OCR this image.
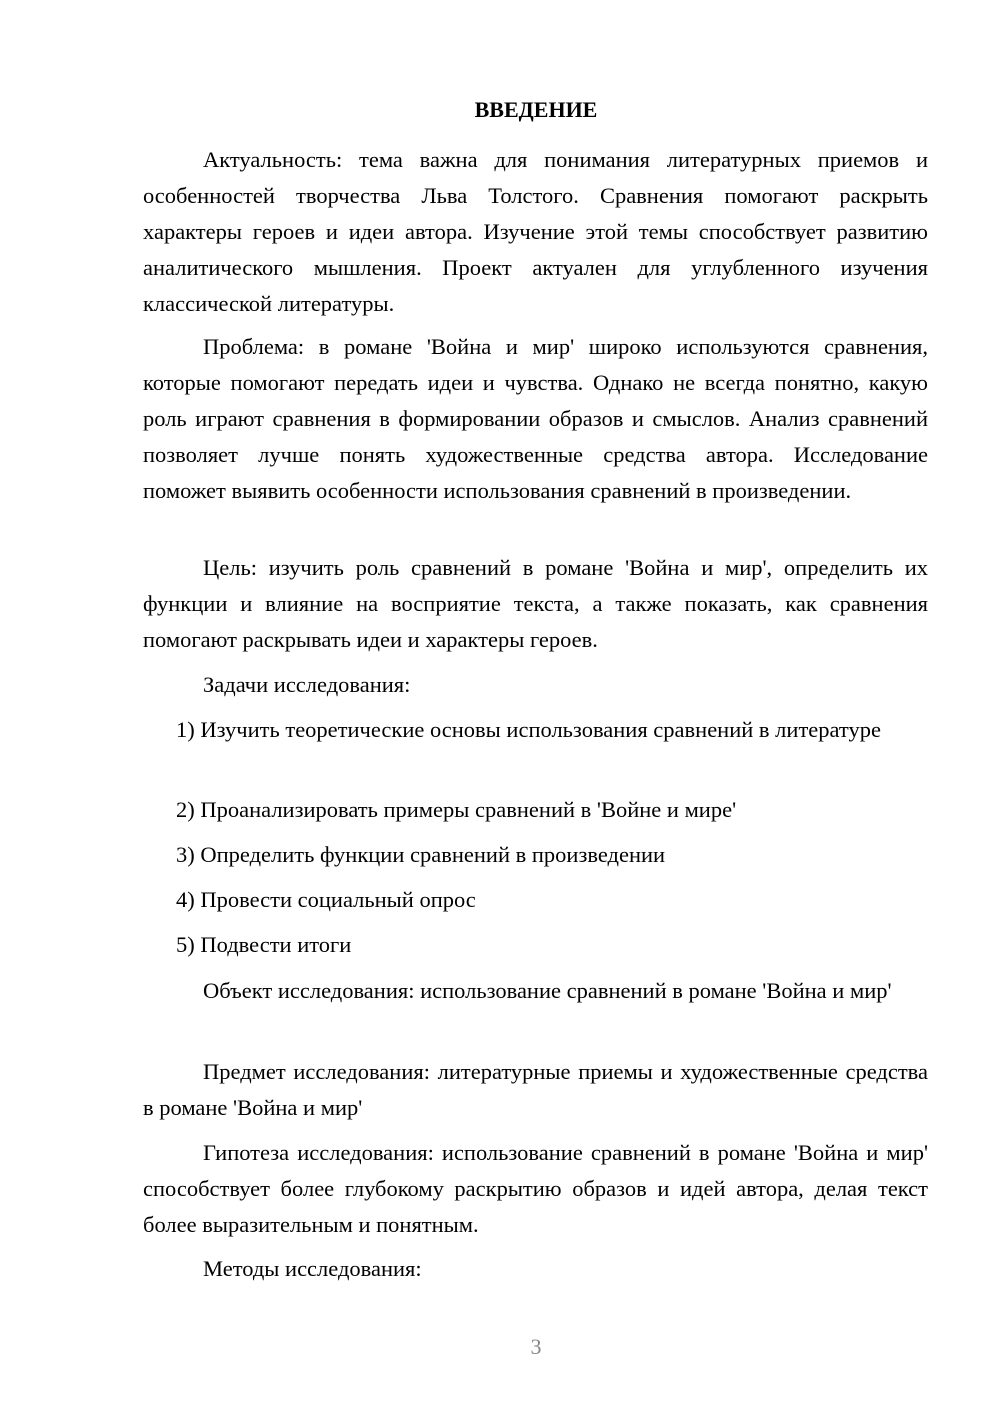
ВВЕДЕНИЕ

Актуальность: тема важна для понимания литературных приемов и особенностей творчества Льва Толстого. Сравнения помогают раскрыть характеры героев и идеи автора. Изучение этой темы способствует развитию аналитического мышления. Проект актуален для углубленного изучения классической литературы.

Проблема: в романе 'Война и мир' широко используются сравнения, которые помогают передать идеи и чувства. Однако не всегда понятно, какую роль играют сравнения в формировании образов и смыслов. Анализ сравнений позволяет лучше понять художественные средства автора. Исследование поможет выявить особенности использования сравнений в произведении.

Цель: изучить роль сравнений в романе 'Война и мир', определить их функции и влияние на восприятие текста, а также показать, как сравнения помогают раскрывать идеи и характеры героев.

Задачи исследования:

1) Изучить теоретические основы использования сравнений в литературе

2) Проанализировать примеры сравнений в 'Войне и мире'

3) Определить функции сравнений в произведении

4) Провести социальный опрос

5) Подвести итоги

Объект исследования: использование сравнений в романе 'Война и мир'

Предмет исследования: литературные приемы и художественные средства в романе 'Война и мир'

Гипотеза исследования: использование сравнений в романе 'Война и мир' способствует более глубокому раскрытию образов и идей автора, делая текст более выразительным и понятным.

Методы исследования:

3
